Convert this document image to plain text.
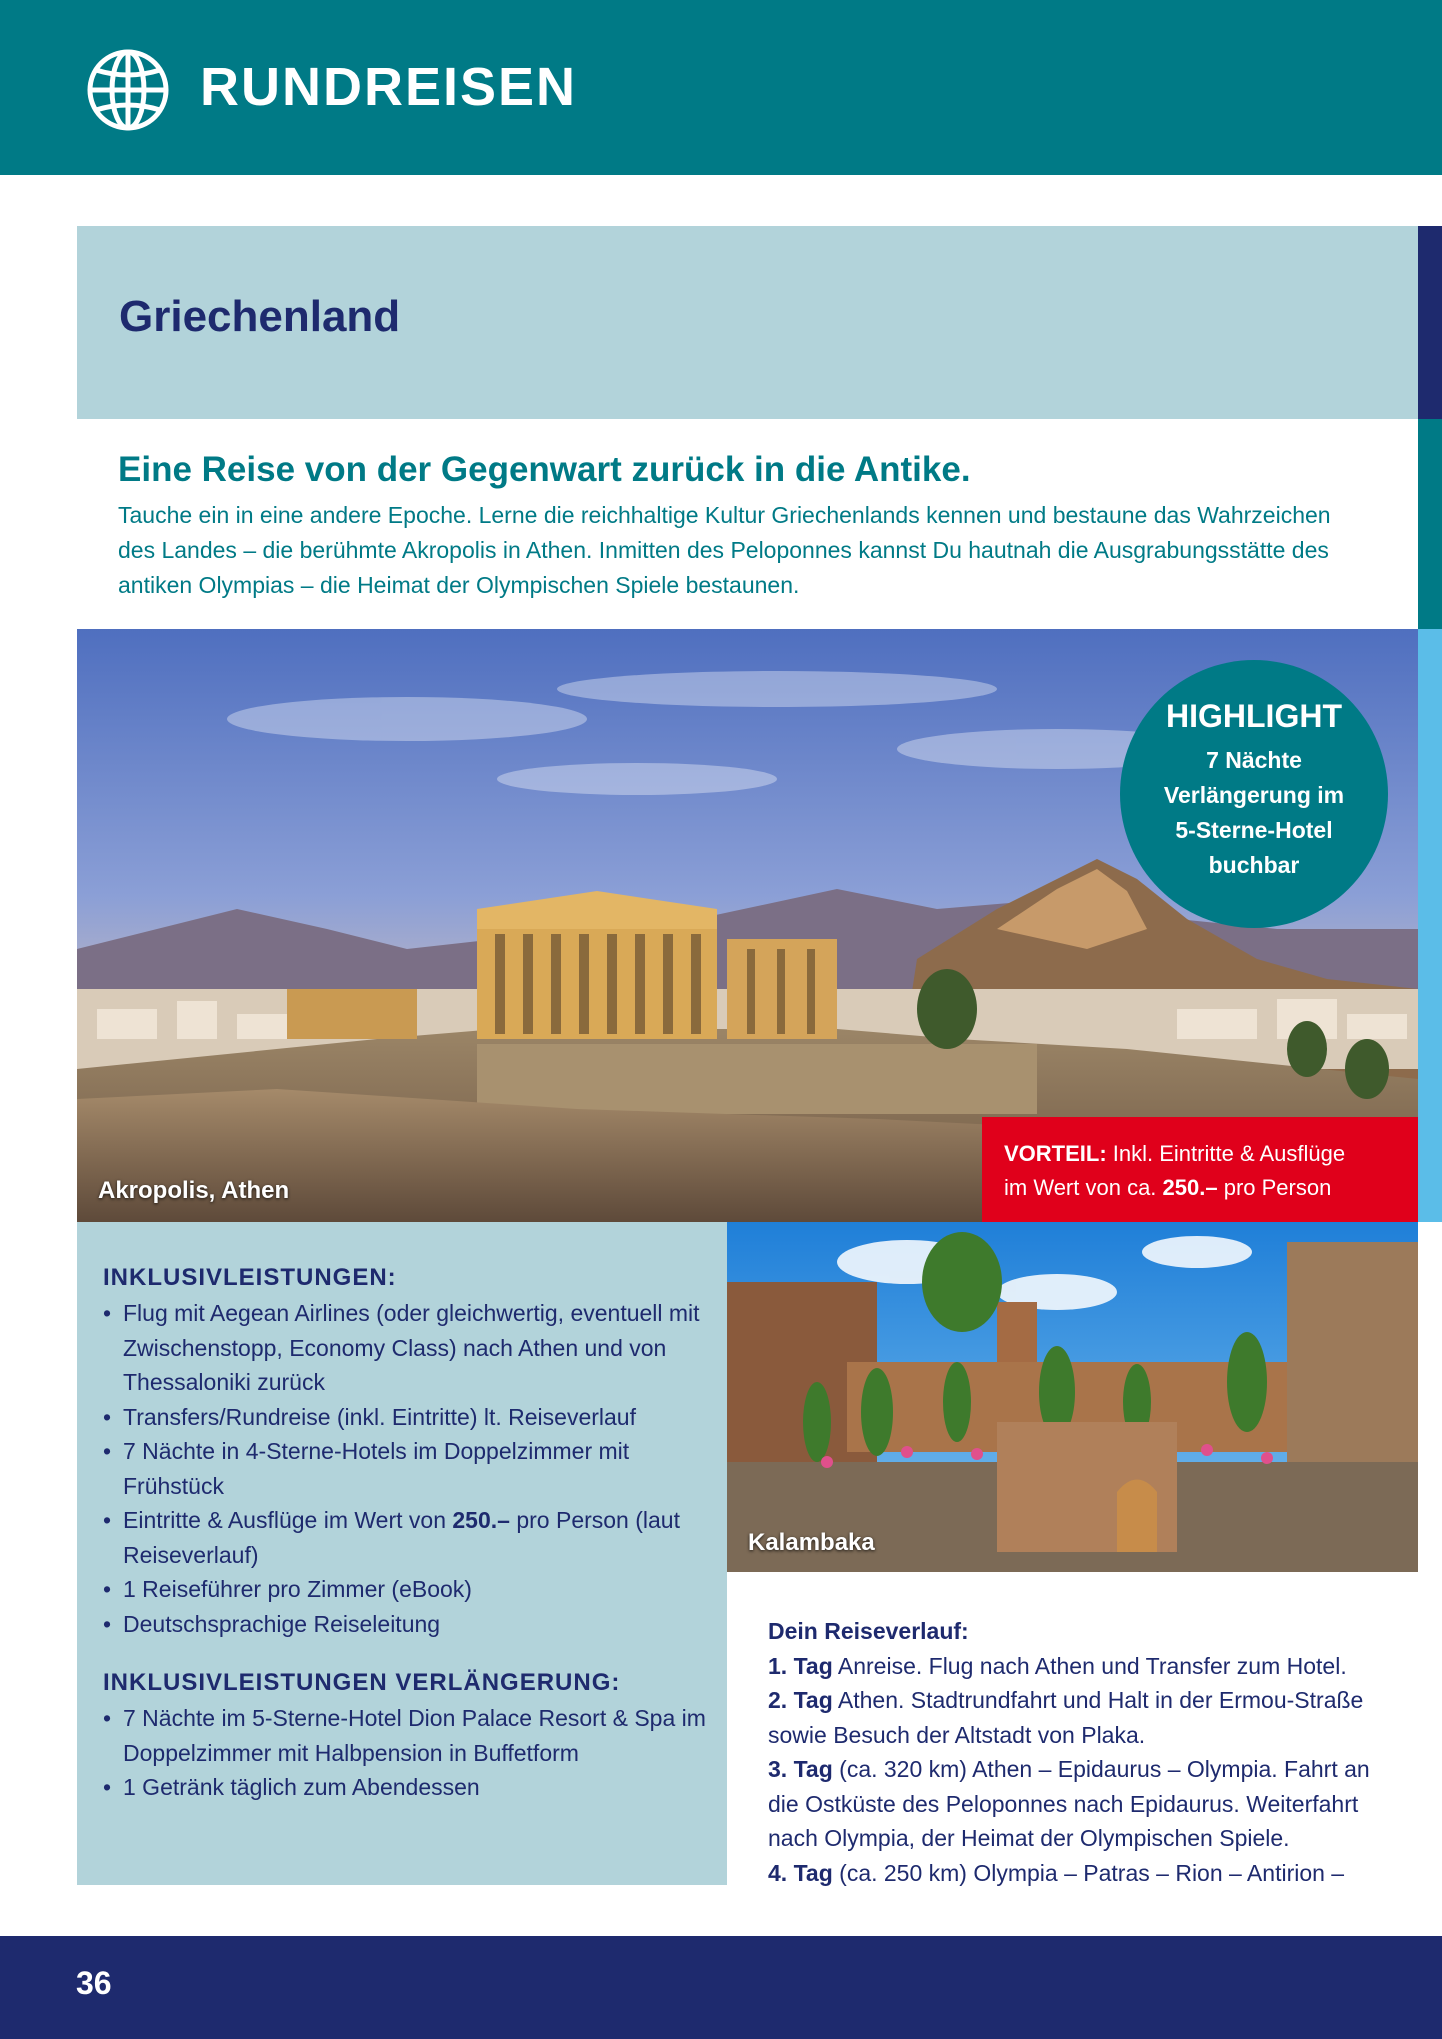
RUNDREISEN
Griechenland
Eine Reise von der Gegenwart zurück in die Antike.
Tauche ein in eine andere Epoche. Lerne die reichhaltige Kultur Griechenlands kennen und bestaune das Wahrzeichen des Landes – die berühmte Akropolis in Athen. Inmitten des Peloponnes kannst Du hautnah die Ausgrabungsstätte des antiken Olympias – die Heimat der Olympischen Spiele bestaunen.
Akropolis, Athen
HIGHLIGHT
7 Nächte
Verlängerung im
5-Sterne-Hotel
buchbar
VORTEIL: Inkl. Eintritte & Ausflüge
im Wert von ca. 250.– pro Person
INKLUSIVLEISTUNGEN:
• Flug mit Aegean Airlines (oder gleichwertig, eventuell mit Zwischenstopp, Economy Class) nach Athen und von Thessaloniki zurück
• Transfers/Rundreise (inkl. Eintritte) lt. Reiseverlauf
• 7 Nächte in 4-Sterne-Hotels im Doppelzimmer mit Frühstück
• Eintritte & Ausflüge im Wert von 250.– pro Person (laut Reiseverlauf)
• 1 Reiseführer pro Zimmer (eBook)
• Deutschsprachige Reiseleitung
INKLUSIVLEISTUNGEN VERLÄNGERUNG:
• 7 Nächte im 5-Sterne-Hotel Dion Palace Resort & Spa im Doppelzimmer mit Halbpension in Buffetform
• 1 Getränk täglich zum Abendessen
Kalambaka
Dein Reiseverlauf:

1. Tag Anreise. Flug nach Athen und Transfer zum Hotel.

2. Tag Athen. Stadtrundfahrt und Halt in der Ermou-Straße sowie Besuch der Altstadt von Plaka.

3. Tag (ca. 320 km) Athen – Epidaurus – Olympia. Fahrt an die Ostküste des Peloponnes nach Epidaurus. Weiterfahrt nach Olympia, der Heimat der Olympischen Spiele.

4. Tag (ca. 250 km) Olympia – Patras – Rion – Antirion –

36
